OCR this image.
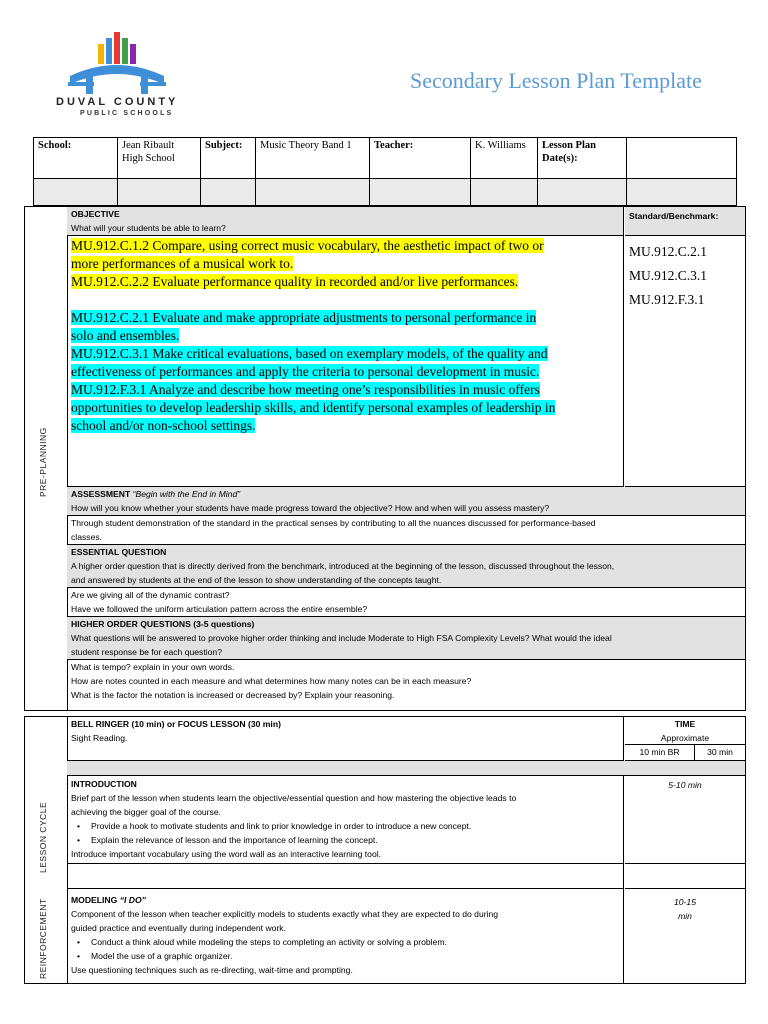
DUVAL COUNTY
PUBLIC SCHOOLS
Secondary Lesson Plan Template
School:	Jean Ribault High School	Subject:	Music Theory Band 1	Teacher:	K. Williams	Lesson Plan Date(s):	

PRE-PLANNING
OBJECTIVE
What will your students be able to learn?
Standard/Benchmark:
MU.912.C.1.2 Compare, using correct music vocabulary, the aesthetic impact of two or
more performances of a musical work to.
MU.912.C.2.2 Evaluate performance quality in recorded and/or live performances.
MU.912.C.2.1 Evaluate and make appropriate adjustments to personal performance in
solo and ensembles.
MU.912.C.3.1 Make critical evaluations, based on exemplary models, of the quality and
effectiveness of performances and apply the criteria to personal development in music.
MU.912.F.3.1 Analyze and describe how meeting one’s responsibilities in music offers
opportunities to develop leadership skills, and identify personal examples of leadership in
school and/or non-school settings.
MU.912.C.2.1
MU.912.C.3.1
MU.912.F.3.1
ASSESSMENT “Begin with the End in Mind”
How will you know whether your students have made progress toward the objective? How and when will you assess mastery?
Through student demonstration of the standard in the practical senses by contributing to all the nuances discussed for performance-based
classes.
ESSENTIAL QUESTION
A higher order question that is directly derived from the benchmark, introduced at the beginning of the lesson, discussed throughout the lesson,
and answered by students at the end of the lesson to show understanding of the concepts taught.
Are we giving all of the dynamic contrast?
Have we followed the uniform articulation pattern across the entire ensemble?
HIGHER ORDER QUESTIONS (3-5 questions)
What questions will be answered to provoke higher order thinking and include Moderate to High FSA Complexity Levels? What would the ideal
student response be for each question?
What is tempo? explain in your own words.
How are notes counted in each measure and what determines how many notes can be in each measure?
What is the factor the notation is increased or decreased by? Explain your reasoning.
LESSON CYCLE
REINFORCEMENT
BELL RINGER (10 min) or FOCUS LESSON (30 min)
Sight Reading.
TIME
Approximate
10 min BR	30 min
INTRODUCTION
Brief part of the lesson when students learn the objective/essential question and how mastering the objective leads to
achieving the bigger goal of the course.
• Provide a hook to motivate students and link to prior knowledge in order to introduce a new concept.
• Explain the relevance of lesson and the importance of learning the concept.
Introduce important vocabulary using the word wall as an interactive learning tool.
5-10 min
MODELING “I DO”
Component of the lesson when teacher explicitly models to students exactly what they are expected to do during
guided practice and eventually during independent work.
• Conduct a think aloud while modeling the steps to completing an activity or solving a problem.
• Model the use of a graphic organizer.
Use questioning techniques such as re-directing, wait-time and prompting.
10-15
min
